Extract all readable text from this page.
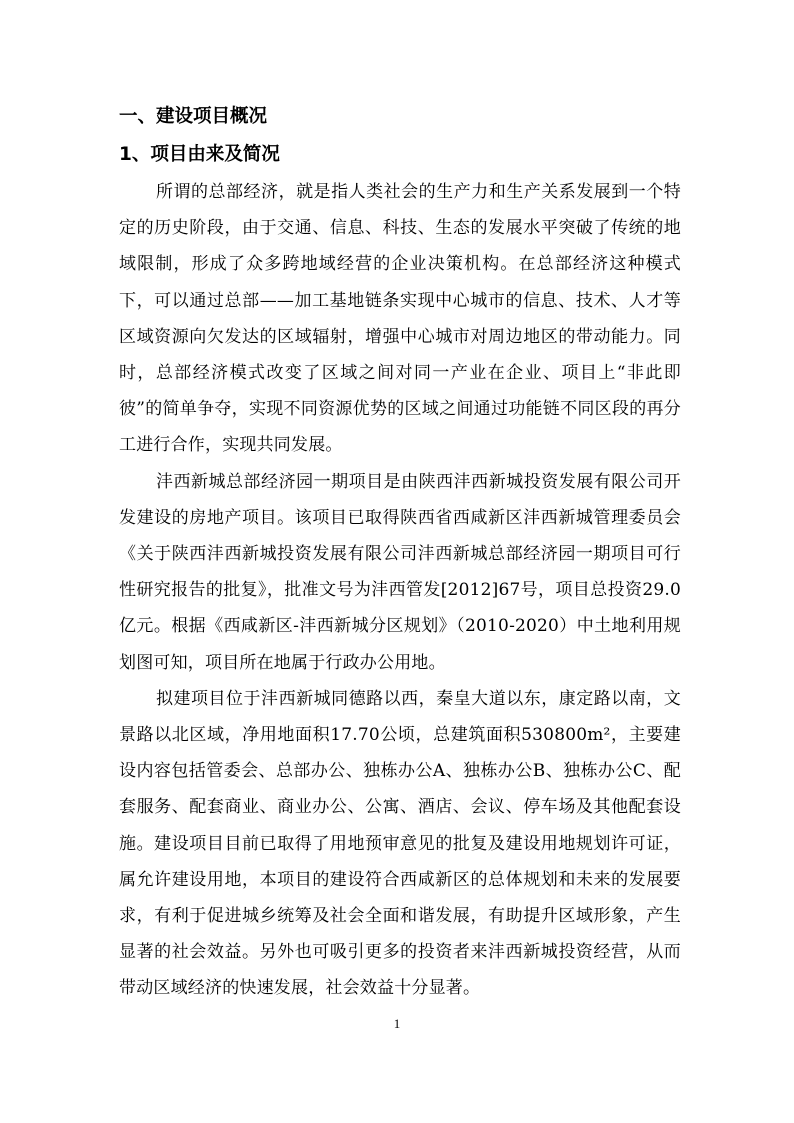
一、建设项目概况
1、项目由来及简况

所谓的总部经济，就是指人类社会的生产力和生产关系发展到一个特定的历史阶段，由于交通、信息、科技、生态的发展水平突破了传统的地域限制，形成了众多跨地域经营的企业决策机构。在总部经济这种模式下，可以通过总部——加工基地链条实现中心城市的信息、技术、人才等区域资源向欠发达的区域辐射，增强中心城市对周边地区的带动能力。同时，总部经济模式改变了区域之间对同一产业在企业、项目上“非此即彼”的简单争夺，实现不同资源优势的区域之间通过功能链不同区段的再分工进行合作，实现共同发展。

沣西新城总部经济园一期项目是由陕西沣西新城投资发展有限公司开发建设的房地产项目。该项目已取得陕西省西咸新区沣西新城管理委员会《关于陕西沣西新城投资发展有限公司沣西新城总部经济园一期项目可行性研究报告的批复》，批准文号为沣西管发[2012]67号，项目总投资29.0亿元。根据《西咸新区-沣西新城分区规划》（2010-2020）中土地利用规划图可知，项目所在地属于行政办公用地。

拟建项目位于沣西新城同德路以西，秦皇大道以东，康定路以南，文景路以北区域，净用地面积17.70公顷，总建筑面积530800m²，主要建设内容包括管委会、总部办公、独栋办公A、独栋办公B、独栋办公C、配套服务、配套商业、商业办公、公寓、酒店、会议、停车场及其他配套设施。建设项目目前已取得了用地预审意见的批复及建设用地规划许可证，属允许建设用地，本项目的建设符合西咸新区的总体规划和未来的发展要求，有利于促进城乡统筹及社会全面和谐发展，有助提升区域形象，产生显著的社会效益。另外也可吸引更多的投资者来沣西新城投资经营，从而带动区域经济的快速发展，社会效益十分显著。

1
